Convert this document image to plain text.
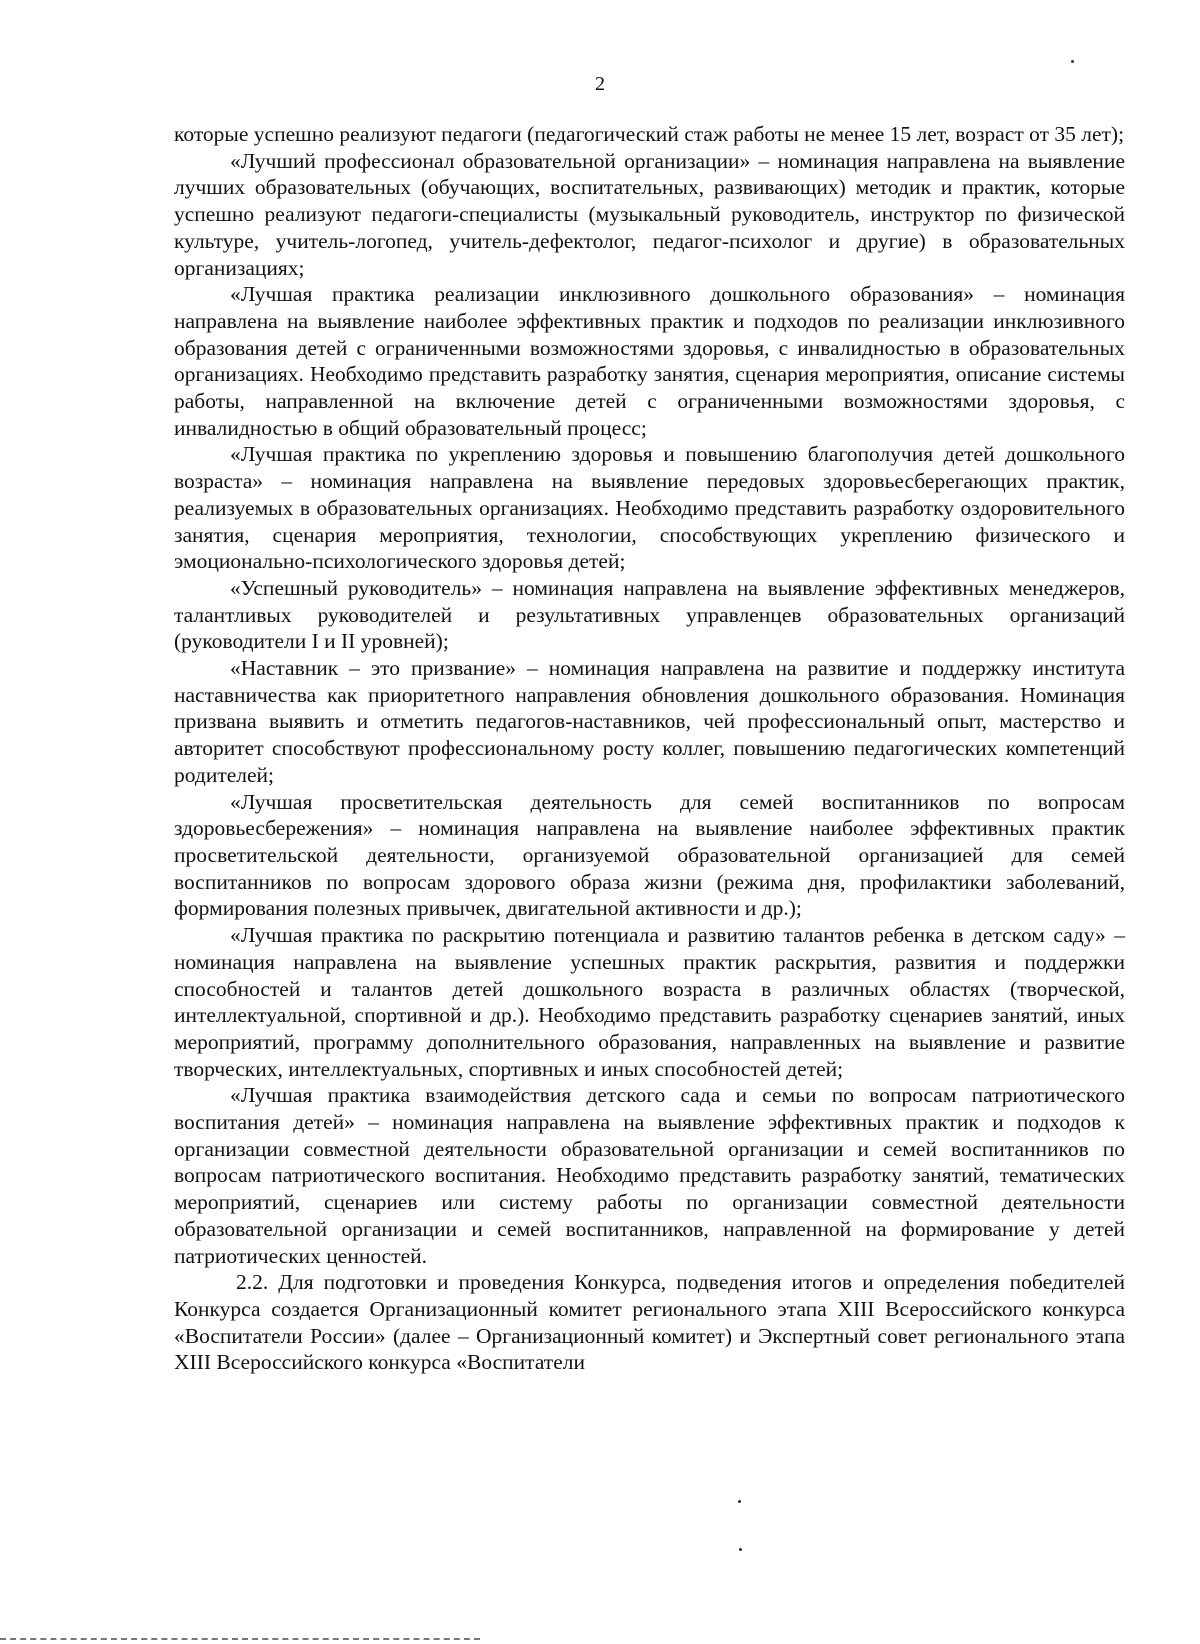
2

которые успешно реализуют педагоги (педагогический стаж работы не менее 15 лет, возраст от 35 лет);

«Лучший профессионал образовательной организации» – номинация направлена на выявление лучших образовательных (обучающих, воспитательных, развивающих) методик и практик, которые успешно реализуют педагоги-специалисты (музыкальный руководитель, инструктор по физической культуре, учитель-логопед, учитель-дефектолог, педагог-психолог и другие) в образовательных организациях;

«Лучшая практика реализации инклюзивного дошкольного образования» – номинация направлена на выявление наиболее эффективных практик и подходов по реализации инклюзивного образования детей с ограниченными возможностями здоровья, с инвалидностью в образовательных организациях. Необходимо представить разработку занятия, сценария мероприятия, описание системы работы, направленной на включение детей с ограниченными возможностями здоровья, с инвалидностью в общий образовательный процесс;

«Лучшая практика по укреплению здоровья и повышению благополучия детей дошкольного возраста» – номинация направлена на выявление передовых здоровьесберегающих практик, реализуемых в образовательных организациях. Необходимо представить разработку оздоровительного занятия, сценария мероприятия, технологии, способствующих укреплению физического и эмоционально-психологического здоровья детей;

«Успешный руководитель» – номинация направлена на выявление эффективных менеджеров, талантливых руководителей и результативных управленцев образовательных организаций (руководители I и II уровней);

«Наставник – это призвание» – номинация направлена на развитие и поддержку института наставничества как приоритетного направления обновления дошкольного образования. Номинация призвана выявить и отметить педагогов-наставников, чей профессиональный опыт, мастерство и авторитет способствуют профессиональному росту коллег, повышению педагогических компетенций родителей;

«Лучшая просветительская деятельность для семей воспитанников по вопросам здоровьесбережения» – номинация направлена на выявление наиболее эффективных практик просветительской деятельности, организуемой образовательной организацией для семей воспитанников по вопросам здорового образа жизни (режима дня, профилактики заболеваний, формирования полезных привычек, двигательной активности и др.);

«Лучшая практика по раскрытию потенциала и развитию талантов ребенка в детском саду» – номинация направлена на выявление успешных практик раскрытия, развития и поддержки способностей и талантов детей дошкольного возраста в различных областях (творческой, интеллектуальной, спортивной и др.). Необходимо представить разработку сценариев занятий, иных мероприятий, программу дополнительного образования, направленных на выявление и развитие творческих, интеллектуальных, спортивных и иных способностей детей;

«Лучшая практика взаимодействия детского сада и семьи по вопросам патриотического воспитания детей» – номинация направлена на выявление эффективных практик и подходов к организации совместной деятельности образовательной организации и семей воспитанников по вопросам патриотического воспитания. Необходимо представить разработку занятий, тематических мероприятий, сценариев или систему работы по организации совместной деятельности образовательной организации и семей воспитанников, направленной на формирование у детей патриотических ценностей.

2.2. Для подготовки и проведения Конкурса, подведения итогов и определения победителей Конкурса создается Организационный комитет регионального этапа XIII Всероссийского конкурса «Воспитатели России» (далее – Организационный комитет) и Экспертный совет регионального этапа XIII Всероссийского конкурса «Воспитатели
